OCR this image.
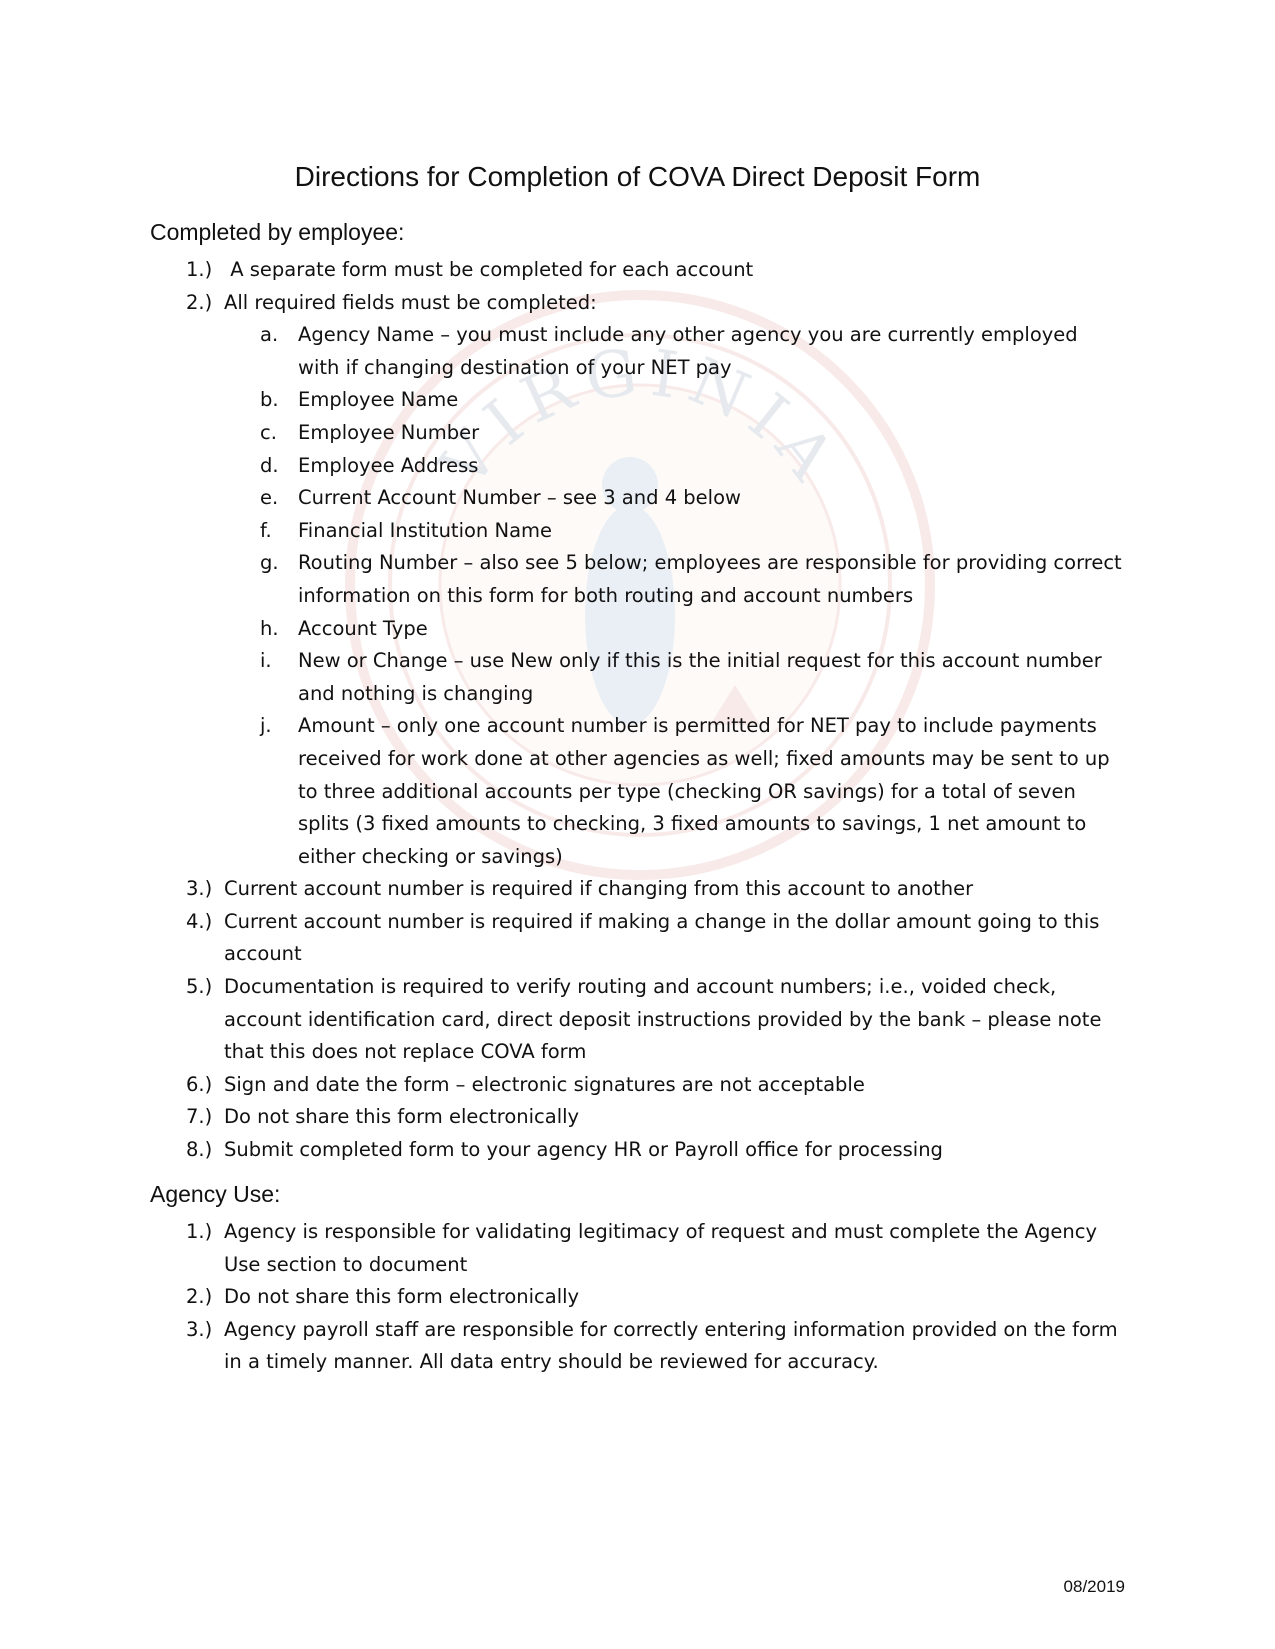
VIRGINIA
Directions for Completion of COVA Direct Deposit Form
Completed by employee:
1.) A separate form must be completed for each account
2.) All required fields must be completed:
a. Agency Name – you must include any other agency you are currently employed with if changing destination of your NET pay
b. Employee Name
c. Employee Number
d. Employee Address
e. Current Account Number – see 3 and 4 below
f. Financial Institution Name
g. Routing Number – also see 5 below; employees are responsible for providing correct information on this form for both routing and account numbers
h. Account Type
i. New or Change – use New only if this is the initial request for this account number and nothing is changing
j. Amount – only one account number is permitted for NET pay to include payments received for work done at other agencies as well; fixed amounts may be sent to up to three additional accounts per type (checking OR savings) for a total of seven splits (3 fixed amounts to checking, 3 fixed amounts to savings, 1 net amount to either checking or savings)
3.) Current account number is required if changing from this account to another
4.) Current account number is required if making a change in the dollar amount going to this account
5.) Documentation is required to verify routing and account numbers; i.e., voided check, account identification card, direct deposit instructions provided by the bank – please note that this does not replace COVA form
6.) Sign and date the form – electronic signatures are not acceptable
7.) Do not share this form electronically
8.) Submit completed form to your agency HR or Payroll office for processing
Agency Use:
1.) Agency is responsible for validating legitimacy of request and must complete the Agency Use section to document
2.) Do not share this form electronically
3.) Agency payroll staff are responsible for correctly entering information provided on the form in a timely manner. All data entry should be reviewed for accuracy.
08/2019
